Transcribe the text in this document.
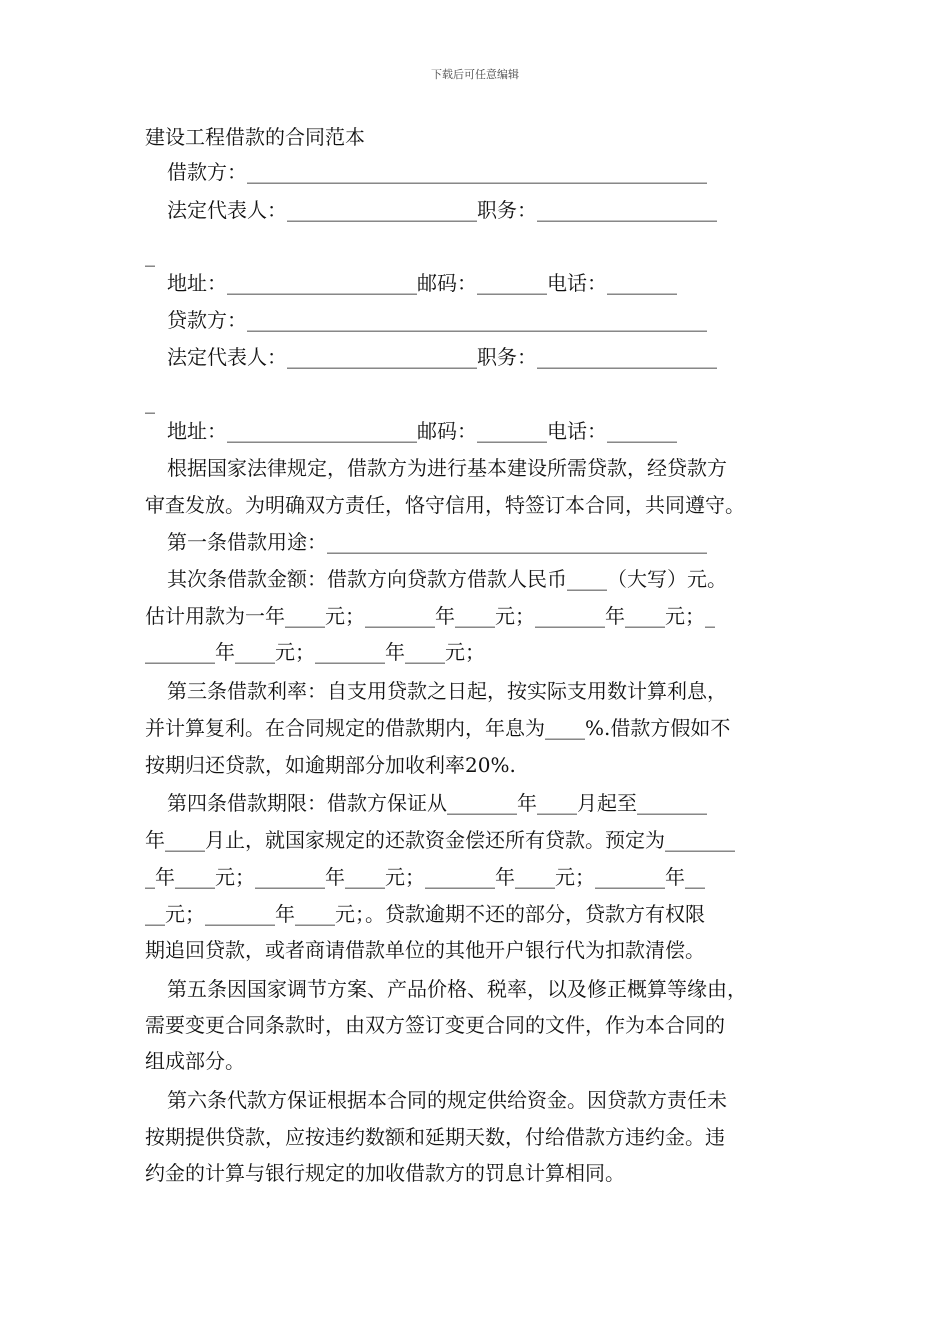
下载后可任意编辑
建设工程借款的合同范本
借款方：______________________________________________
法定代表人：___________________职务：__________________
_
地址：___________________邮码：_______电话：_______
贷款方：______________________________________________
法定代表人：___________________职务：__________________
_
地址：___________________邮码：_______电话：_______
根据国家法律规定，借款方为进行基本建设所需贷款，经贷款方
审查发放。为明确双方责任，恪守信用，特签订本合同，共同遵守。
第一条借款用途：______________________________________
其次条借款金额：借款方向贷款方借款人民币____（大写）元。
估计用款为一年____元；_______年____元；_______年____元；_
_______年____元；_______年____元；
第三条借款利率：自支用贷款之日起，按实际支用数计算利息，
并计算复利。在合同规定的借款期内，年息为____%.借款方假如不
按期归还贷款，如逾期部分加收利率20%.
第四条借款期限：借款方保证从_______年____月起至_______
年____月止，就国家规定的还款资金偿还所有贷款。预定为_______
_年____元；_______年____元；_______年____元；_______年__
__元；_______年____元；。贷款逾期不还的部分，贷款方有权限
期追回贷款，或者商请借款单位的其他开户银行代为扣款清偿。
第五条因国家调节方案、产品价格、税率，以及修正概算等缘由，
需要变更合同条款时，由双方签订变更合同的文件，作为本合同的
组成部分。
第六条代款方保证根据本合同的规定供给资金。因贷款方责任未
按期提供贷款，应按违约数额和延期天数，付给借款方违约金。违
约金的计算与银行规定的加收借款方的罚息计算相同。
